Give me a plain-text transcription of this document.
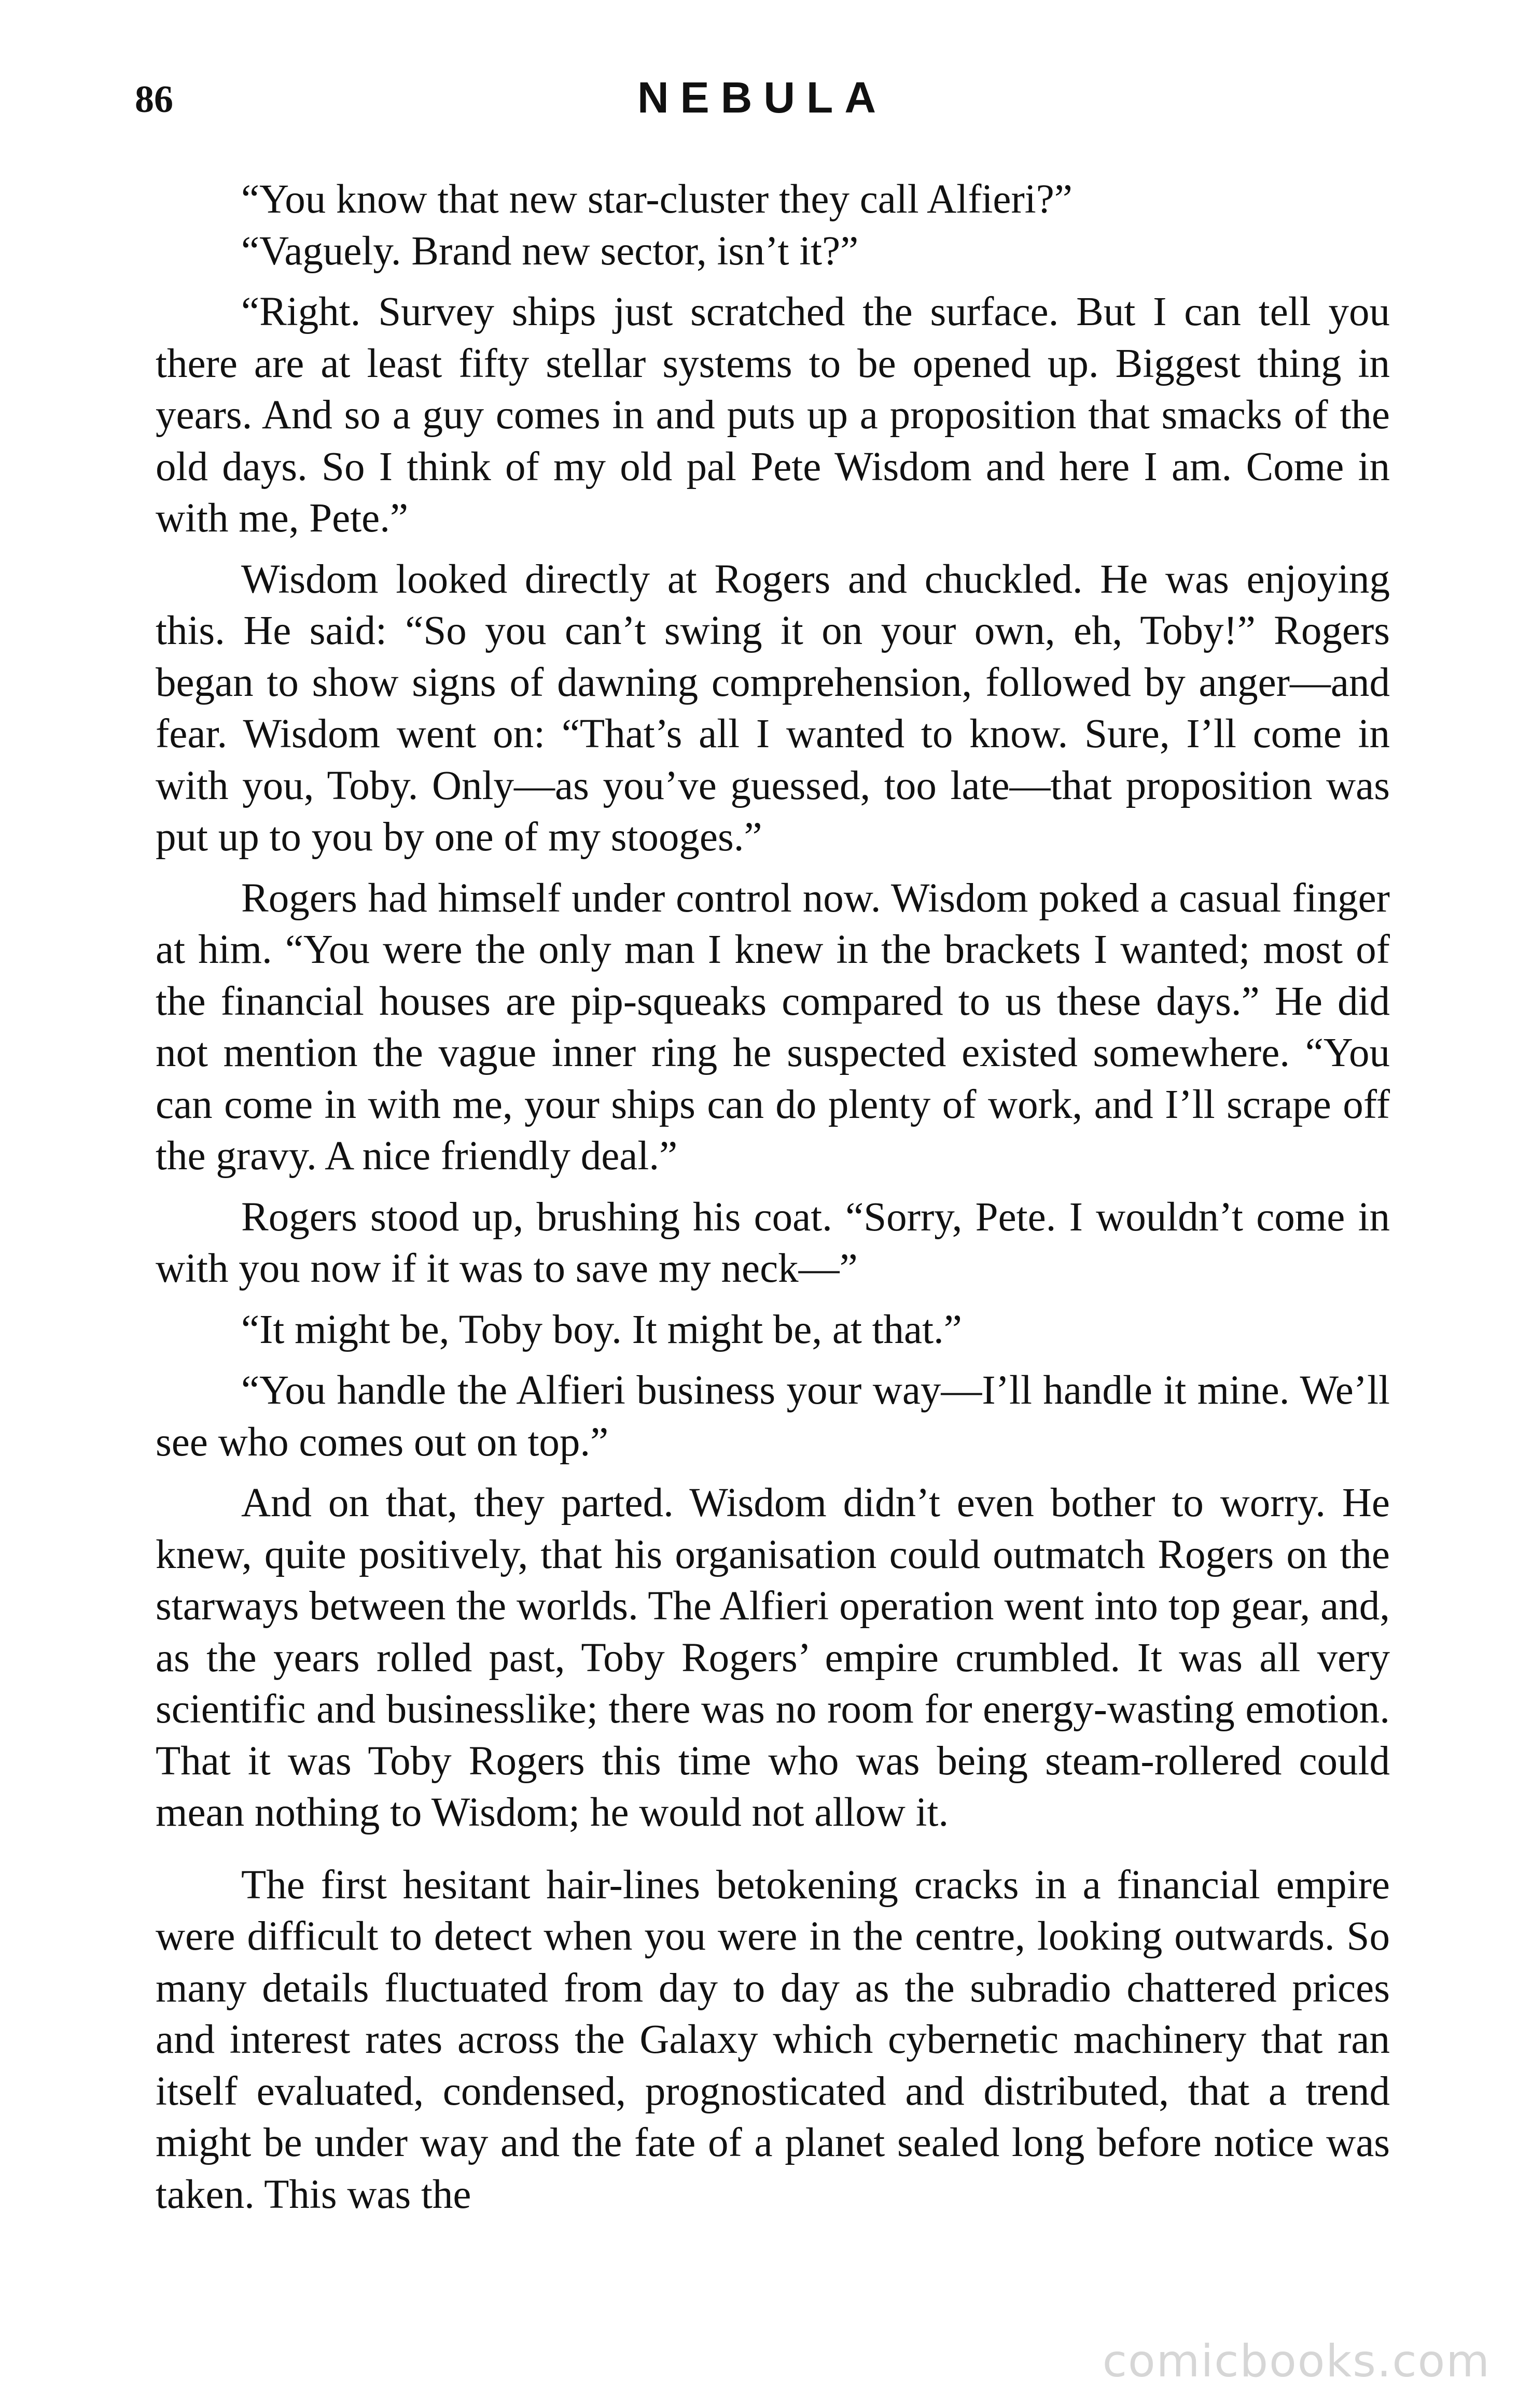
86	NEBULA

“You know that new star-cluster they call Alfieri?”

“Vaguely. Brand new sector, isn’t it?”

“Right. Survey ships just scratched the surface. But I can tell you there are at least fifty stellar systems to be opened up. Biggest thing in years. And so a guy comes in and puts up a proposition that smacks of the old days. So I think of my old pal Pete Wisdom and here I am. Come in with me, Pete.”

Wisdom looked directly at Rogers and chuckled. He was enjoying this. He said: “So you can’t swing it on your own, eh, Toby!” Rogers began to show signs of dawning comprehension, followed by anger—and fear. Wisdom went on: “That’s all I wanted to know. Sure, I’ll come in with you, Toby. Only—as you’ve guessed, too late—that proposition was put up to you by one of my stooges.”

Rogers had himself under control now. Wisdom poked a casual finger at him. “You were the only man I knew in the brackets I wanted; most of the financial houses are pip-squeaks compared to us these days.” He did not mention the vague inner ring he suspected existed somewhere. “You can come in with me, your ships can do plenty of work, and I’ll scrape off the gravy. A nice friendly deal.”

Rogers stood up, brushing his coat. “Sorry, Pete. I wouldn’t come in with you now if it was to save my neck—”

“It might be, Toby boy. It might be, at that.”

“You handle the Alfieri business your way—I’ll handle it mine. We’ll see who comes out on top.”

And on that, they parted. Wisdom didn’t even bother to worry. He knew, quite positively, that his organisation could outmatch Rogers on the starways between the worlds. The Alfieri operation went into top gear, and, as the years rolled past, Toby Rogers’ empire crumbled. It was all very scientific and businesslike; there was no room for energy-wasting emotion. That it was Toby Rogers this time who was being steam-rollered could mean nothing to Wisdom; he would not allow it.

The first hesitant hair-lines betokening cracks in a financial empire were difficult to detect when you were in the centre, looking outwards. So many details fluctuated from day to day as the subradio chattered prices and interest rates across the Galaxy which cybernetic machinery that ran itself evaluated, condensed, prognosticated and distributed, that a trend might be under way and the fate of a planet sealed long before notice was taken. This was the

comicbooks.com
